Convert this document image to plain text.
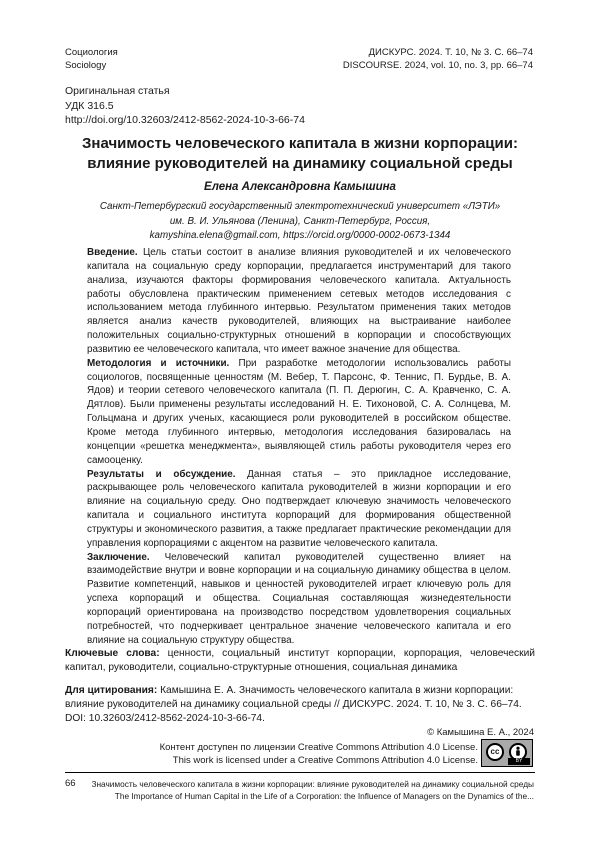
Социология
Sociology
ДИСКУРС. 2024. Т. 10, № 3. С. 66–74
DISCOURSE. 2024, vol. 10, no. 3, pp. 66–74
Оригинальная статья
УДК 316.5
http://doi.org/10.32603/2412-8562-2024-10-3-66-74
Значимость человеческого капитала в жизни корпорации:
влияние руководителей на динамику социальной среды
Елена Александровна Камышина
Санкт-Петербургский государственный электротехнический университет «ЛЭТИ»
им. В. И. Ульянова (Ленина), Санкт-Петербург, Россия,
kamyshina.elena@gmail.com, https://orcid.org/0000-0002-0673-1344

Введение. Цель статьи состоит в анализе влияния руководителей и их человеческого капитала на социальную среду корпорации, предлагается инструментарий для такого анализа, изучаются факторы формирования человеческого капитала. Актуальность работы обусловлена практическим применением сетевых методов исследования с использованием метода глубинного интервью. Результатом применения таких методов является анализ качеств руководителей, влияющих на выстраивание наиболее положительных социально-структурных отношений в корпорации и способствующих развитию ее человеческого капитала, что имеет важное значение для общества.

Методология и источники. При разработке методологии использовались работы социологов, посвященные ценностям (М. Вебер, Т. Парсонс, Ф. Теннис, П. Бурдье, В. А. Ядов) и теории сетевого человеческого капитала (П. П. Дерюгин, С. А. Кравченко, С. А. Дятлов). Были применены результаты исследований Н. Е. Тихоновой, С. А. Солнцева, М. Гольцмана и других ученых, касающиеся роли руководителей в российском обществе. Кроме метода глубинного интервью, методология исследования базировалась на концепции «решетка менеджмента», выявляющей стиль работы руководителя через его самооценку.

Результаты и обсуждение. Данная статья – это прикладное исследование, раскрывающее роль человеческого капитала руководителей в жизни корпорации и его влияние на социальную среду. Оно подтверждает ключевую значимость человеческого капитала и социального института корпораций для формирования общественной структуры и экономического развития, а также предлагает практические рекомендации для управления корпорациями с акцентом на развитие человеческого капитала.

Заключение. Человеческий капитал руководителей существенно влияет на взаимодействие внутри и вовне корпорации и на социальную динамику общества в целом. Развитие компетенций, навыков и ценностей руководителей играет ключевую роль для успеха корпораций и общества. Социальная составляющая жизнедеятельности корпораций ориентирована на производство посредством удовлетворения социальных потребностей, что подчеркивает центральное значение человеческого капитала и его влияние на социальную структуру общества.

Ключевые слова: ценности, социальный институт корпорации, корпорация, человеческий капитал, руководители, социально-структурные отношения, социальная динамика
Для цитирования: Камышина Е. А. Значимость человеческого капитала в жизни корпорации: влияние руководителей на динамику социальной среды // ДИСКУРС. 2024. Т. 10, № 3. С. 66–74. DOI: 10.32603/2412-8562-2024-10-3-66-74.
© Камышина Е. А., 2024
Контент доступен по лицензии Creative Commons Attribution 4.0 License.
This work is licensed under a Creative Commons Attribution 4.0 License.
cc
BY
66	Значимость человеческого капитала в жизни корпорации: влияние руководителей на динамику социальной среды
The Importance of Human Capital in the Life of a Corporation: the Influence of Managers on the Dynamics of the...
